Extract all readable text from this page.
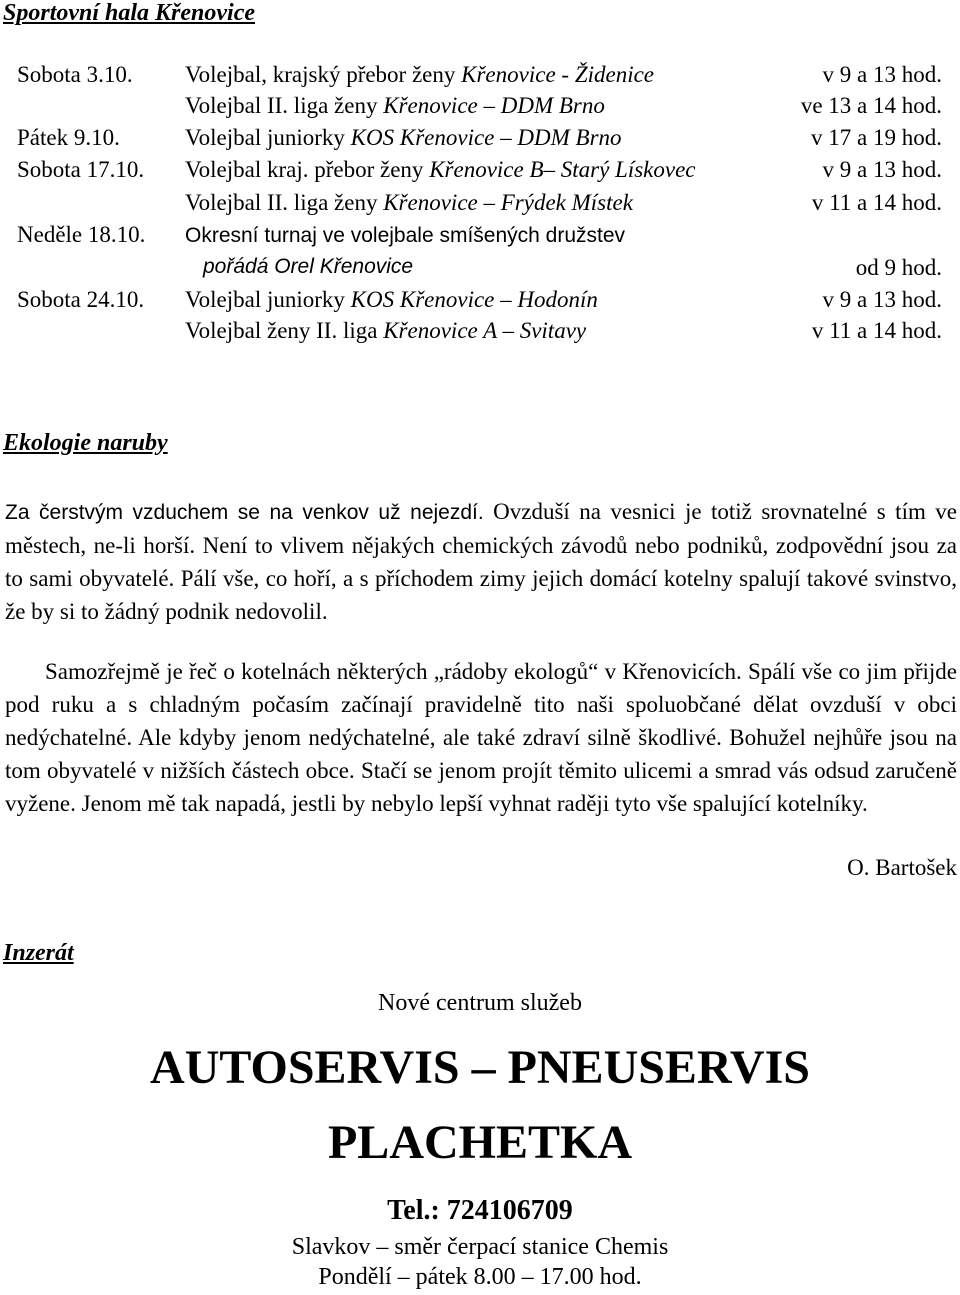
Sportovní hala Křenovice
Sobota 3.10. Volejbal, krajský přebor ženy Křenovice - Židenice	v 9 a 13 hod.
Volejbal II. liga ženy Křenovice – DDM Brno	ve 13 a 14 hod.
Pátek 9.10.	Volejbal juniorky KOS Křenovice – DDM Brno	v 17 a 19 hod.
Sobota 17.10. Volejbal kraj. přebor ženy Křenovice B– Starý Lískovec	v 9 a 13 hod.
Volejbal II. liga ženy Křenovice – Frýdek Místek	v 11 a 14 hod.
Neděle 18.10. Okresní turnaj ve volejbale smíšených družstev
pořádá Orel Křenovice	od 9 hod.
Sobota 24.10. Volejbal juniorky KOS Křenovice – Hodonín	v 9 a 13 hod.
Volejbal ženy II. liga Křenovice A – Svitavy	v 11 a 14 hod.
Ekologie naruby

Za čerstvým vzduchem se na venkov už nejezdí. Ovzduší na vesnici je totiž srovnatelné s tím ve městech, ne-li horší. Není to vlivem nějakých chemických závodů nebo podniků, zodpovědní jsou za to sami obyvatelé. Pálí vše, co hoří, a s příchodem zimy jejich domácí kotelny spalují takové svinstvo, že by si to žádný podnik nedovolil.

Samozřejmě je řeč o kotelnách některých „rádoby ekologů“ v Křenovicích. Spálí vše co jim přijde pod ruku a s chladným počasím začínají pravidelně tito naši spoluobčané dělat ovzduší v obci nedýchatelné. Ale kdyby jenom nedýchatelné, ale také zdraví silně škodlivé. Bohužel nejhůře jsou na tom obyvatelé v nižších částech obce. Stačí se jenom projít těmito ulicemi a smrad vás odsud zaručeně vyžene. Jenom mě tak napadá, jestli by nebylo lepší vyhnat raději tyto vše spalující kotelníky.

O. Bartošek
Inzerát
Nové centrum služeb
AUTOSERVIS – PNEUSERVIS
PLACHETKA
Tel.: 724106709
Slavkov – směr čerpací stanice Chemis
Pondělí – pátek 8.00 – 17.00 hod.
